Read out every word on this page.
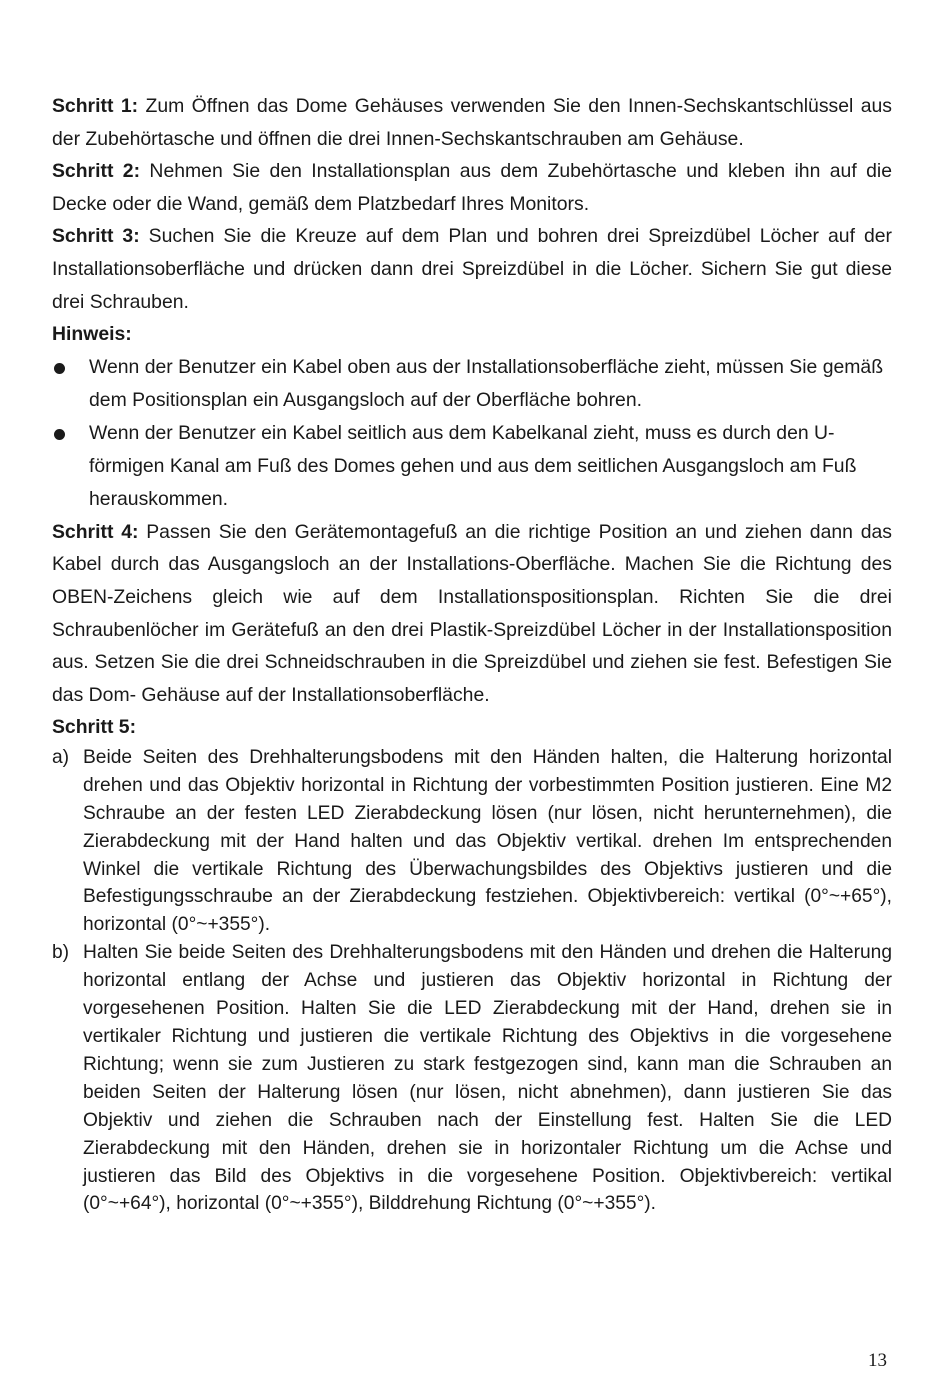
Schritt 1: Zum Öffnen das Dome Gehäuses verwenden Sie den Innen-Sechskantschlüssel aus der Zubehörtasche und öffnen die drei Innen-Sechskantschrauben am Gehäuse.

Schritt 2: Nehmen Sie den Installationsplan aus dem Zubehörtasche und kleben ihn auf die Decke oder die Wand, gemäß dem Platzbedarf Ihres Monitors.

Schritt 3: Suchen Sie die Kreuze auf dem Plan und bohren drei Spreizdübel Löcher auf der Installationsoberfläche und drücken dann drei Spreizdübel in die Löcher. Sichern Sie gut diese drei Schrauben.

Hinweis:

Wenn der Benutzer ein Kabel oben aus der Installationsoberfläche zieht, müssen Sie gemäß dem Positionsplan ein Ausgangsloch auf der Oberfläche bohren.
Wenn der Benutzer ein Kabel seitlich aus dem Kabelkanal zieht, muss es durch den U-förmigen Kanal am Fuß des Domes gehen und aus dem seitlichen Ausgangsloch am Fuß herauskommen.

Schritt 4: Passen Sie den Gerätemontagefuß an die richtige Position an und ziehen dann das Kabel durch das Ausgangsloch an der Installations-Oberfläche. Machen Sie die Richtung des OBEN-Zeichens gleich wie auf dem Installationspositionsplan. Richten Sie die drei Schraubenlöcher im Gerätefuß an den drei Plastik-Spreizdübel Löcher in der Installationsposition aus. Setzen Sie die drei Schneidschrauben in die Spreizdübel und ziehen sie fest. Befestigen Sie das Dom- Gehäuse auf der Installationsoberfläche.

Schritt 5:

a) Beide Seiten des Drehhalterungsbodens mit den Händen halten, die Halterung horizontal drehen und das Objektiv horizontal in Richtung der vorbestimmten Position justieren. Eine M2 Schraube an der festen LED Zierabdeckung lösen (nur lösen, nicht herunternehmen), die Zierabdeckung mit der Hand halten und das Objektiv vertikal. drehen Im entsprechenden Winkel die vertikale Richtung des Überwachungsbildes des Objektivs justieren und die Befestigungsschraube an der Zierabdeckung festziehen. Objektivbereich: vertikal (0°~+65°), horizontal (0°~+355°).
b) Halten Sie beide Seiten des Drehhalterungsbodens mit den Händen und drehen die Halterung horizontal entlang der Achse und justieren das Objektiv horizontal in Richtung der vorgesehenen Position. Halten Sie die LED Zierabdeckung mit der Hand, drehen sie in vertikaler Richtung und justieren die vertikale Richtung des Objektivs in die vorgesehene Richtung; wenn sie zum Justieren zu stark festgezogen sind, kann man die Schrauben an beiden Seiten der Halterung lösen (nur lösen, nicht abnehmen), dann justieren Sie das Objektiv und ziehen die Schrauben nach der Einstellung fest. Halten Sie die LED Zierabdeckung mit den Händen, drehen sie in horizontaler Richtung um die Achse und justieren das Bild des Objektivs in die vorgesehene Position. Objektivbereich: vertikal (0°~+64°), horizontal (0°~+355°), Bilddrehung Richtung (0°~+355°).
13
